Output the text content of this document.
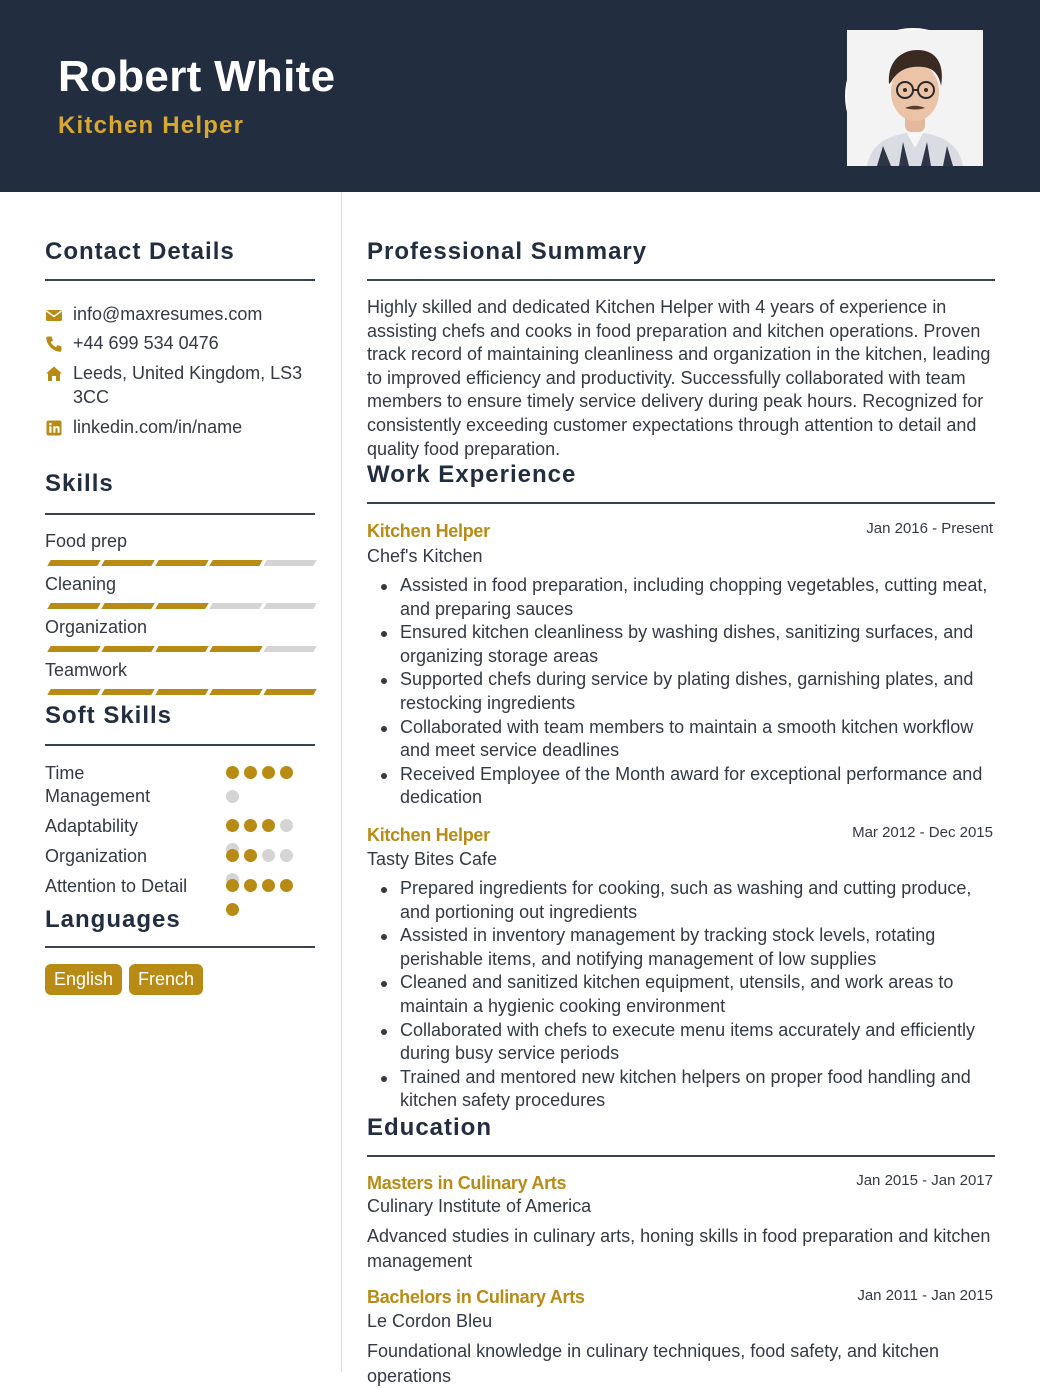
Robert White
Kitchen Helper
Contact Details
info@maxresumes.com
+44 699 534 0476
Leeds, United Kingdom, LS3 3CC
linkedin.com/in/name
Skills
Food prep
Cleaning
Organization
Teamwork
Soft Skills
Time Management
Adaptability
Organization
Attention to Detail
Languages
English	French
Professional Summary
Highly skilled and dedicated Kitchen Helper with 4 years of experience in assisting chefs and cooks in food preparation and kitchen operations. Proven track record of maintaining cleanliness and organization in the kitchen, leading to improved efficiency and productivity. Successfully collaborated with team members to ensure timely service delivery during peak hours. Recognized for consistently exceeding customer expectations through attention to detail and quality food preparation.
Work Experience
Kitchen Helper	Jan 2016 - Present
Chef's Kitchen
Assisted in food preparation, including chopping vegetables, cutting meat, and preparing sauces
Ensured kitchen cleanliness by washing dishes, sanitizing surfaces, and organizing storage areas
Supported chefs during service by plating dishes, garnishing plates, and restocking ingredients
Collaborated with team members to maintain a smooth kitchen workflow and meet service deadlines
Received Employee of the Month award for exceptional performance and dedication
Kitchen Helper	Mar 2012 - Dec 2015
Tasty Bites Cafe
Prepared ingredients for cooking, such as washing and cutting produce, and portioning out ingredients
Assisted in inventory management by tracking stock levels, rotating perishable items, and notifying management of low supplies
Cleaned and sanitized kitchen equipment, utensils, and work areas to maintain a hygienic cooking environment
Collaborated with chefs to execute menu items accurately and efficiently during busy service periods
Trained and mentored new kitchen helpers on proper food handling and kitchen safety procedures
Education
Masters in Culinary Arts	Jan 2015 - Jan 2017
Culinary Institute of America
Advanced studies in culinary arts, honing skills in food preparation and kitchen management
Bachelors in Culinary Arts	Jan 2011 - Jan 2015
Le Cordon Bleu
Foundational knowledge in culinary techniques, food safety, and kitchen operations
